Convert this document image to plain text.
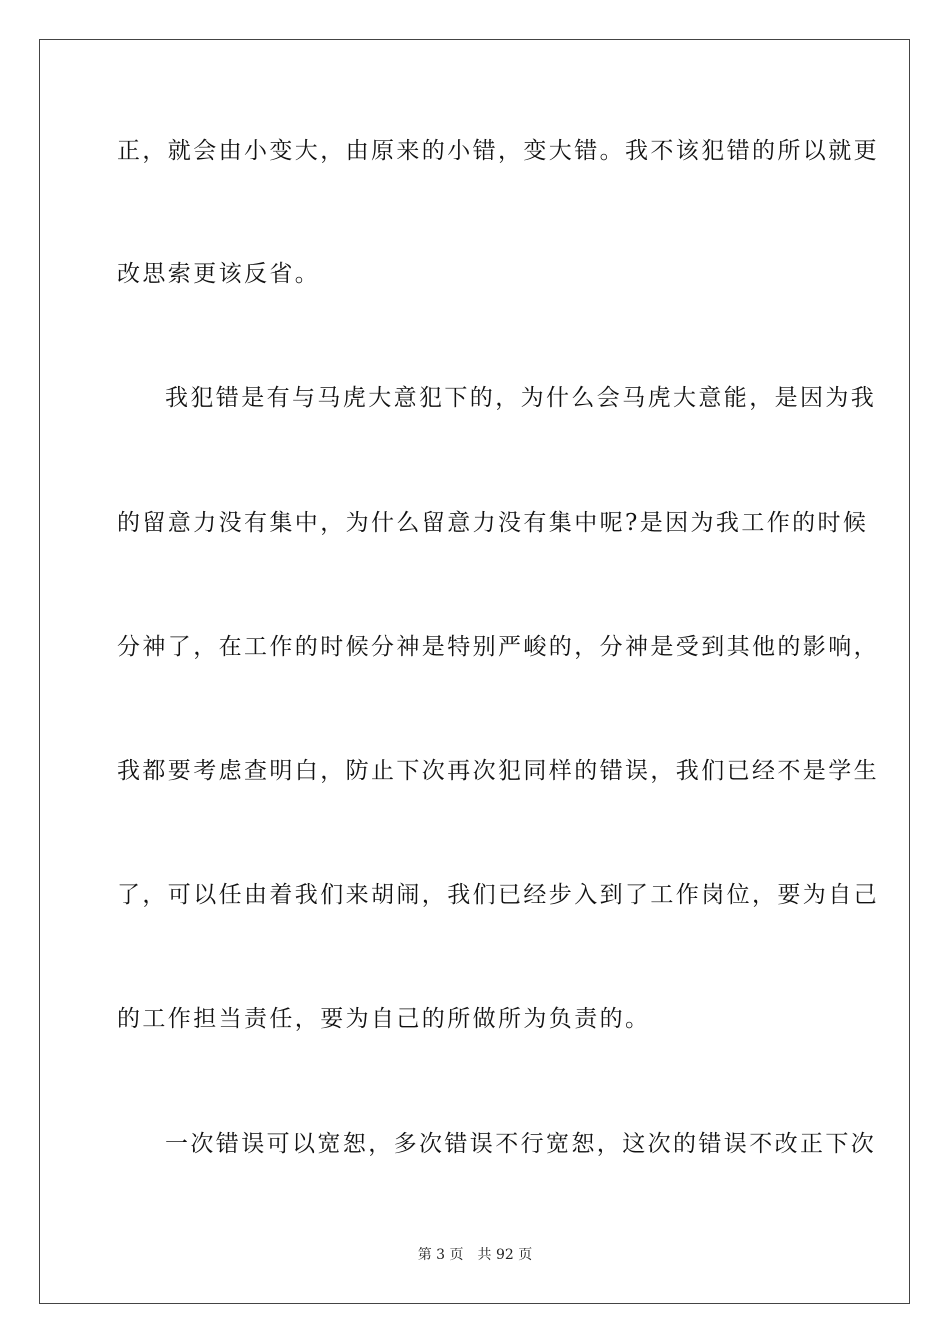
正，就会由小变大，由原来的小错，变大错。我不该犯错的所以就更
改思索更该反省。
我犯错是有与马虎大意犯下的，为什么会马虎大意能，是因为我
的留意力没有集中，为什么留意力没有集中呢?是因为我工作的时候
分神了，在工作的时候分神是特别严峻的，分神是受到其他的影响，
我都要考虑查明白，防止下次再次犯同样的错误，我们已经不是学生
了，可以任由着我们来胡闹，我们已经步入到了工作岗位，要为自己
的工作担当责任，要为自己的所做所为负责的。
一次错误可以宽恕，多次错误不行宽恕，这次的错误不改正下次
第 3 页 共 92 页
